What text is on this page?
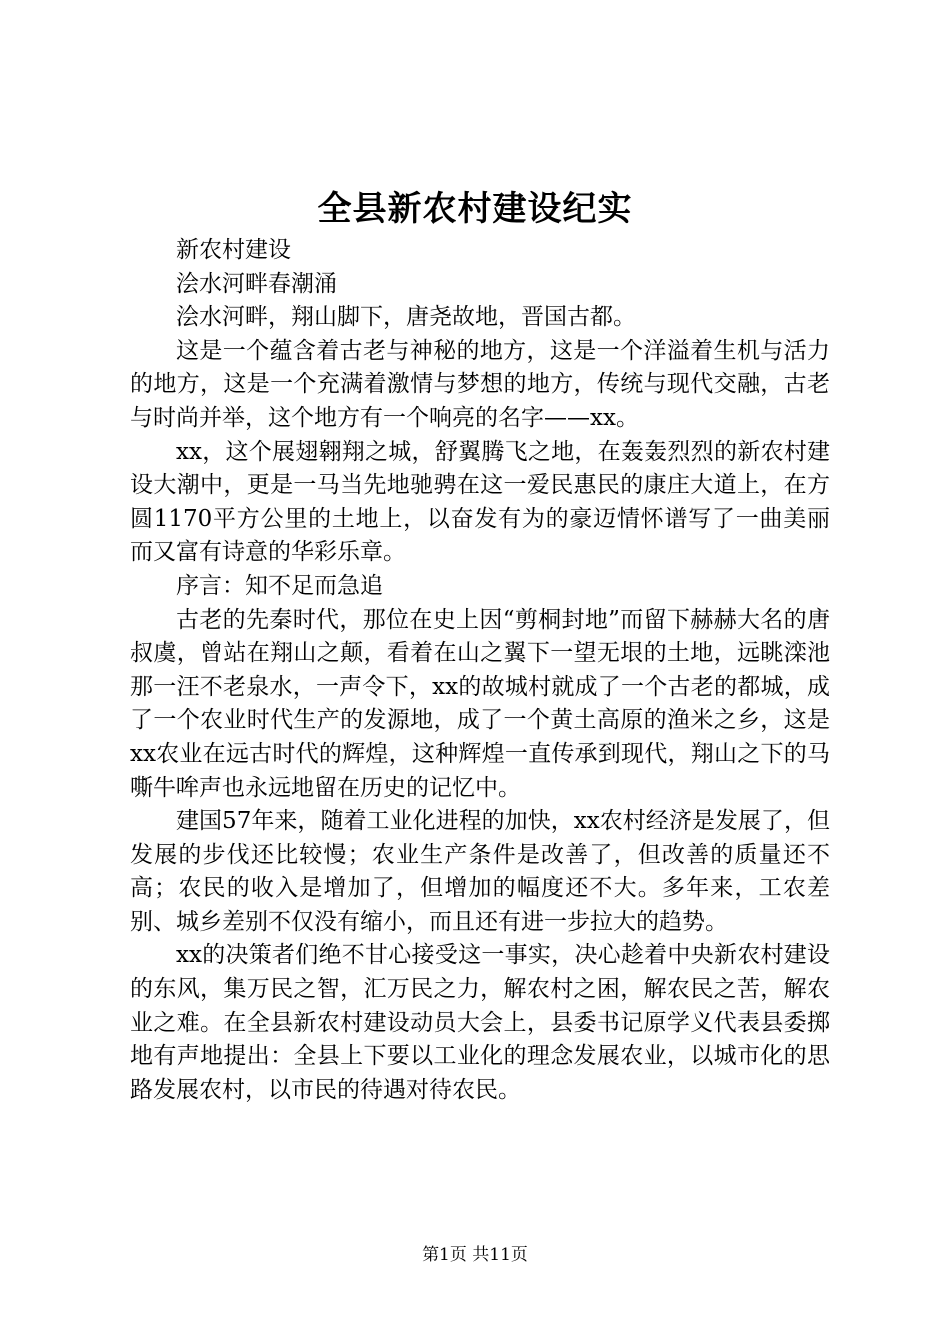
全县新农村建设纪实

新农村建设

浍水河畔春潮涌

浍水河畔，翔山脚下，唐尧故地，晋国古都。

这是一个蕴含着古老与神秘的地方，这是一个洋溢着生机与活力的地方，这是一个充满着激情与梦想的地方，传统与现代交融，古老与时尚并举，这个地方有一个响亮的名字——xx。

xx，这个展翅翱翔之城，舒翼腾飞之地，在轰轰烈烈的新农村建设大潮中，更是一马当先地驰骋在这一爱民惠民的康庄大道上，在方圆1170平方公里的土地上，以奋发有为的豪迈情怀谱写了一曲美丽而又富有诗意的华彩乐章。

序言：知不足而急追

古老的先秦时代，那位在史上因“剪桐封地”而留下赫赫大名的唐叔虞，曾站在翔山之颠，看着在山之翼下一望无垠的土地，远眺滦池那一汪不老泉水，一声令下，xx的故城村就成了一个古老的都城，成了一个农业时代生产的发源地，成了一个黄土高原的渔米之乡，这是xx农业在远古时代的辉煌，这种辉煌一直传承到现代，翔山之下的马嘶牛哞声也永远地留在历史的记忆中。

建国57年来，随着工业化进程的加快，xx农村经济是发展了，但发展的步伐还比较慢；农业生产条件是改善了，但改善的质量还不高；农民的收入是增加了，但增加的幅度还不大。多年来，工农差别、城乡差别不仅没有缩小，而且还有进一步拉大的趋势。

xx的决策者们绝不甘心接受这一事实，决心趁着中央新农村建设的东风，集万民之智，汇万民之力，解农村之困，解农民之苦，解农业之难。在全县新农村建设动员大会上，县委书记原学义代表县委掷地有声地提出：全县上下要以工业化的理念发展农业，以城市化的思路发展农村，以市民的待遇对待农民。

第1页 共11页
